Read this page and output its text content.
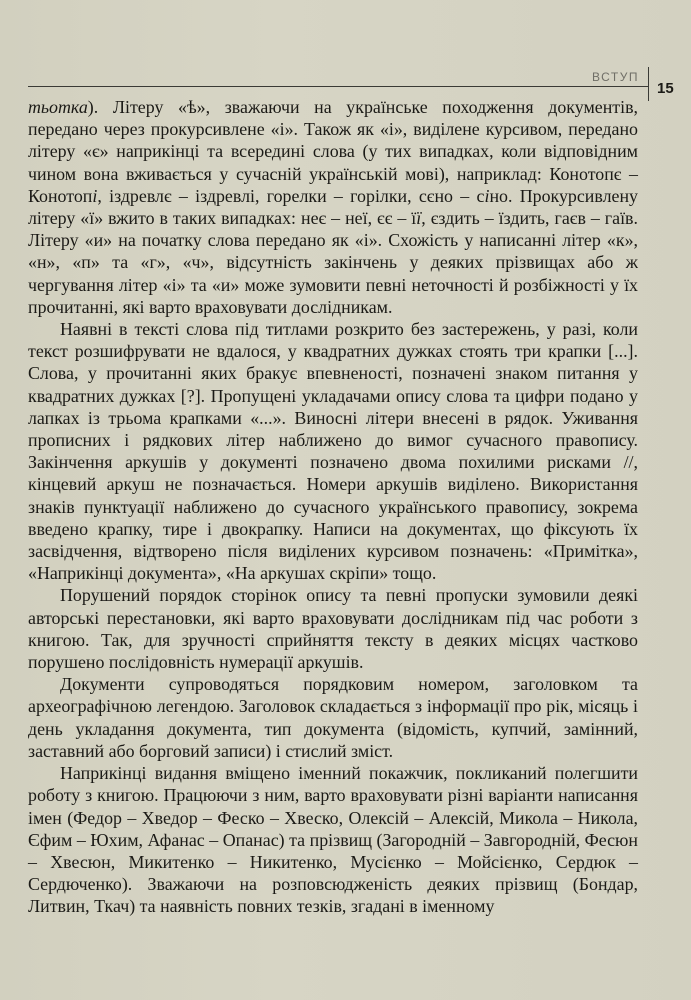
ВСТУП
15

тьотка). Літеру «ѣ», зважаючи на українське походження документів, передано через прокурсивлене «і». Також як «і», виділене курсивом, передано літеру «є» наприкінці та всередині слова (у тих випадках, коли відповідним чином вона вживається у сучасній українській мові), наприклад: Конотопє – Конотопі, іздревлє – іздревлі, горелки – горілки, сєно – сіно. Прокурсивлену літеру «ї» вжито в таких випадках: неє – неї, єє – її, єздить – їздить, гаєв – гаїв. Літеру «и» на початку слова передано як «і». Схожість у написанні літер «к», «н», «п» та «г», «ч», відсутність закінчень у деяких прізвищах або ж чергування літер «і» та «и» може зумовити певні неточності й розбіжності у їх прочитанні, які варто враховувати дослідникам.

Наявні в тексті слова під титлами розкрито без застережень, у разі, коли текст розшифрувати не вдалося, у квадратних дужках стоять три крапки [...]. Слова, у прочитанні яких бракує впевненості, позначені знаком питання у квадратних дужках [?]. Пропущені укладачами опису слова та цифри подано у лапках із трьома крапками «...». Виносні літери внесені в рядок. Уживання прописних і рядкових літер наближено до вимог сучасного правопису. Закінчення аркушів у документі позначено двома похилими рисками //, кінцевий аркуш не позначається. Номери аркушів виділено. Використання знаків пунктуації наближено до сучасного українського правопису, зокрема введено крапку, тире і двокрапку. Написи на документах, що фіксують їх засвідчення, відтворено після виділених курсивом позначень: «Примітка», «Наприкінці документа», «На аркушах скріпи» тощо.

Порушений порядок сторінок опису та певні пропуски зумовили деякі авторські перестановки, які варто враховувати дослідникам під час роботи з книгою. Так, для зручності сприйняття тексту в деяких місцях частково порушено послідовність нумерації аркушів.

Документи супроводяться порядковим номером, заголовком та археографічною легендою. Заголовок складається з інформації про рік, місяць і день укладання документа, тип документа (відомість, купчий, замінний, заставний або борговий записи) і стислий зміст.

Наприкінці видання вміщено іменний покажчик, покликаний полегшити роботу з книгою. Працюючи з ним, варто враховувати різні варіанти написання імен (Федор – Хведор – Феско – Хвеско, Олексій – Алексій, Микола – Никола, Єфим – Юхим, Афанас – Опанас) та прізвищ (Загородній – Завгородній, Фесюн – Хвесюн, Микитенко – Никитенко, Мусієнко – Мойсієнко, Сердюк – Сердюченко). Зважаючи на розповсюдженість деяких прізвищ (Бондар, Литвин, Ткач) та наявність повних тезків, згадані в іменному
